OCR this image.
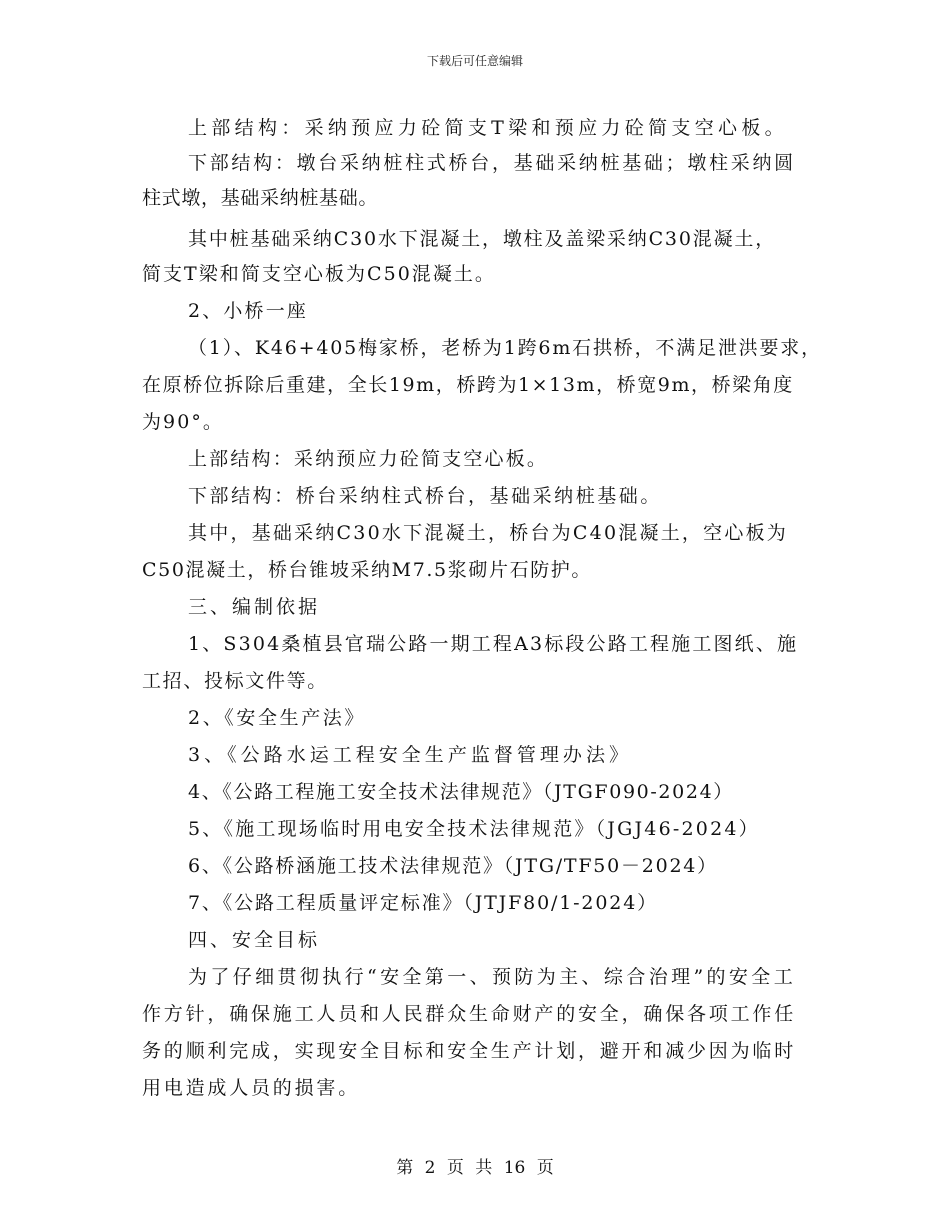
下载后可任意编辑
上部结构：采纳预应力砼简支T梁和预应力砼简支空心板。
下部结构：墩台采纳桩柱式桥台，基础采纳桩基础；墩柱采纳圆
柱式墩，基础采纳桩基础。
其中桩基础采纳C30水下混凝土，墩柱及盖梁采纳C30混凝土，
简支T梁和简支空心板为C50混凝土。
2、小桥一座
（1）、K46+405梅家桥，老桥为1跨6m石拱桥，不满足泄洪要求，
在原桥位拆除后重建，全长19m，桥跨为1×13m，桥宽9m，桥梁角度
为90°。
上部结构：采纳预应力砼简支空心板。
下部结构：桥台采纳柱式桥台，基础采纳桩基础。
其中，基础采纳C30水下混凝土，桥台为C40混凝土，空心板为
C50混凝土，桥台锥坡采纳M7.5浆砌片石防护。
三、编制依据
1、S304桑植县官瑞公路一期工程A3标段公路工程施工图纸、施
工招、投标文件等。
2、《安全生产法》
3、《公路水运工程安全生产监督管理办法》
4、《公路工程施工安全技术法律规范》（JTGF090-2024）
5、《施工现场临时用电安全技术法律规范》（JGJ46-2024）
6、《公路桥涵施工技术法律规范》（JTG/TF50－2024）
7、《公路工程质量评定标准》（JTJF80/1-2024）
四、安全目标
为了仔细贯彻执行“安全第一、预防为主、综合治理”的安全工
作方针，确保施工人员和人民群众生命财产的安全，确保各项工作任
务的顺利完成，实现安全目标和安全生产计划，避开和减少因为临时
用电造成人员的损害。
第 2 页 共 16 页
